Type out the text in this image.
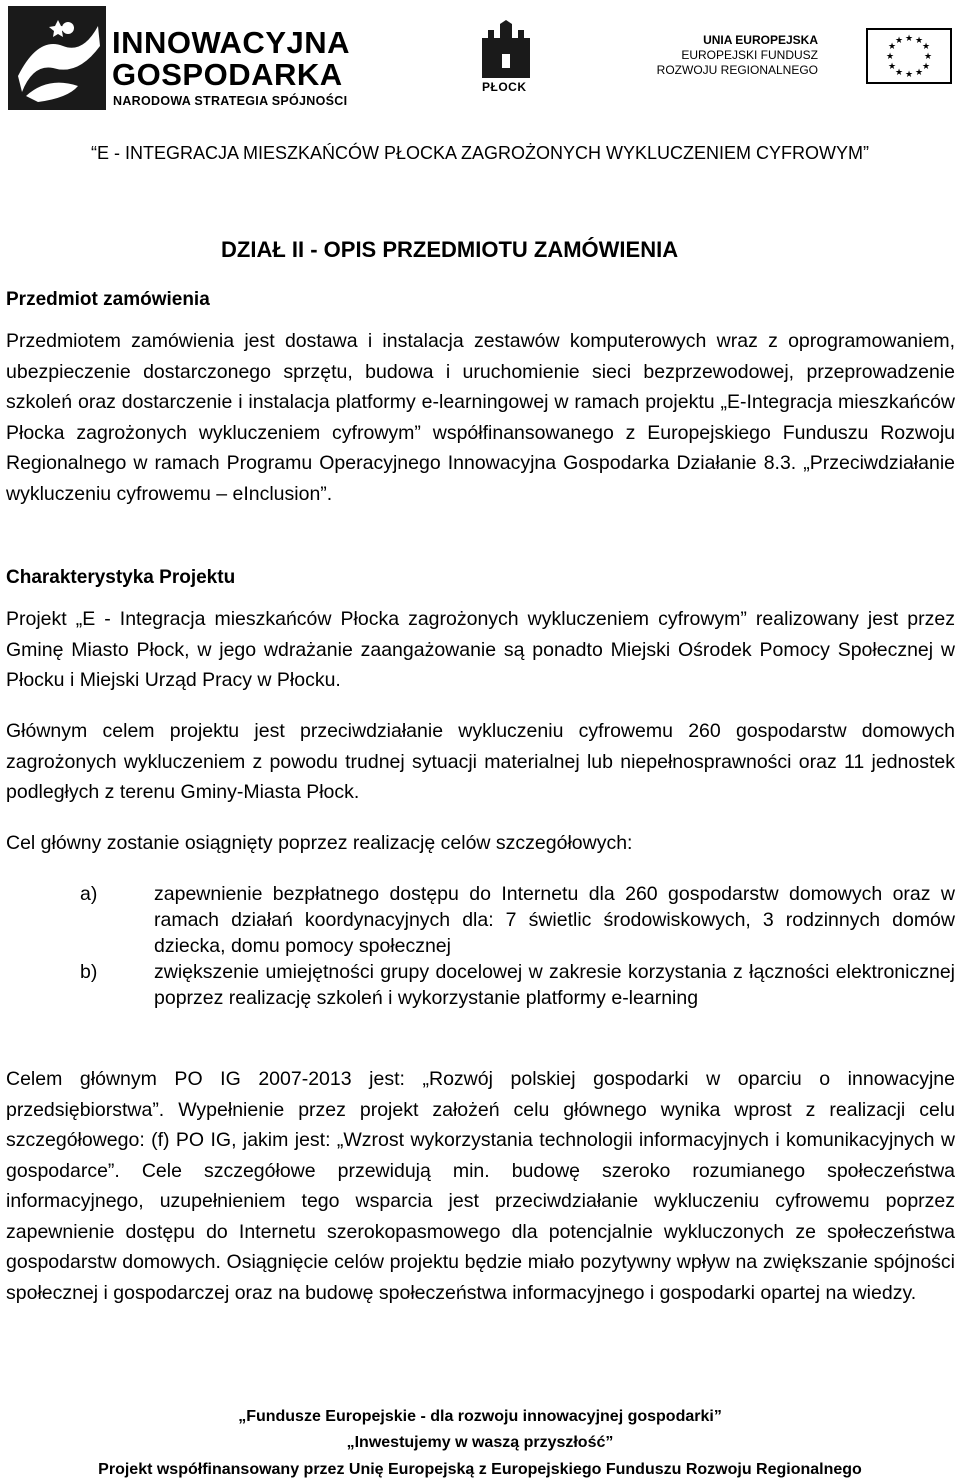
INNOWACYJNA
GOSPODARKA
NARODOWA STRATEGIA SPÓJNOŚCI
PŁOCK
UNIA EUROPEJSKA
EUROPEJSKI FUNDUSZ
ROZWOJU REGIONALNEGO
★ ★
★
★
★
★
★
★
★
★
★
★
“E - INTEGRACJA MIESZKAŃCÓW PŁOCKA ZAGROŻONYCH WYKLUCZENIEM CYFROWYM”
DZIAŁ II - OPIS PRZEDMIOTU ZAMÓWIENIA
Przedmiot zamówienia
Przedmiotem zamówienia jest dostawa i instalacja zestawów komputerowych wraz z oprogramowaniem, ubezpieczenie dostarczonego sprzętu, budowa i uruchomienie sieci bezprzewodowej, przeprowadzenie szkoleń oraz dostarczenie i instalacja platformy e-learningowej w ramach projektu „E-Integracja mieszkańców Płocka zagrożonych wykluczeniem cyfrowym” współfinansowanego z Europejskiego Funduszu Rozwoju Regionalnego w ramach Programu Operacyjnego Innowacyjna Gospodarka Działanie 8.3. „Przeciwdziałanie wykluczeniu cyfrowemu – eInclusion”.
Charakterystyka Projektu
Projekt „E - Integracja mieszkańców Płocka zagrożonych wykluczeniem cyfrowym” realizowany jest przez Gminę Miasto Płock, w jego wdrażanie zaangażowanie są ponadto Miejski Ośrodek Pomocy Społecznej w Płocku i Miejski Urząd Pracy w Płocku.
Głównym celem projektu jest przeciwdziałanie wykluczeniu cyfrowemu 260 gospodarstw domowych zagrożonych wykluczeniem z powodu trudnej sytuacji materialnej lub niepełnosprawności oraz 11 jednostek podległych z terenu Gminy-Miasta Płock.
Cel główny zostanie osiągnięty poprzez realizację celów szczegółowych:
a)	zapewnienie bezpłatnego dostępu do Internetu dla 260 gospodarstw domowych oraz w ramach działań koordynacyjnych dla: 7 świetlic środowiskowych, 3 rodzinnych domów dziecka, domu pomocy społecznej
b)	zwiększenie umiejętności grupy docelowej w zakresie korzystania z łączności elektronicznej poprzez realizację szkoleń i wykorzystanie platformy e-learning
Celem głównym PO IG 2007-2013 jest: „Rozwój polskiej gospodarki w oparciu o innowacyjne przedsiębiorstwa”. Wypełnienie przez projekt założeń celu głównego wynika wprost z realizacji celu szczegółowego: (f) PO IG, jakim jest: „Wzrost wykorzystania technologii informacyjnych i komunikacyjnych w gospodarce”. Cele szczegółowe przewidują min. budowę szeroko rozumianego społeczeństwa informacyjnego, uzupełnieniem tego wsparcia jest przeciwdziałanie wykluczeniu cyfrowemu poprzez zapewnienie dostępu do Internetu szerokopasmowego dla potencjalnie wykluczonych ze społeczeństwa gospodarstw domowych. Osiągnięcie celów projektu będzie miało pozytywny wpływ na zwiększanie spójności społecznej i gospodarczej oraz na budowę społeczeństwa informacyjnego i gospodarki opartej na wiedzy.
„Fundusze Europejskie - dla rozwoju innowacyjnej gospodarki”
„Inwestujemy w waszą przyszłość”
Projekt współfinansowany przez Unię Europejską z Europejskiego Funduszu Rozwoju Regionalnego
